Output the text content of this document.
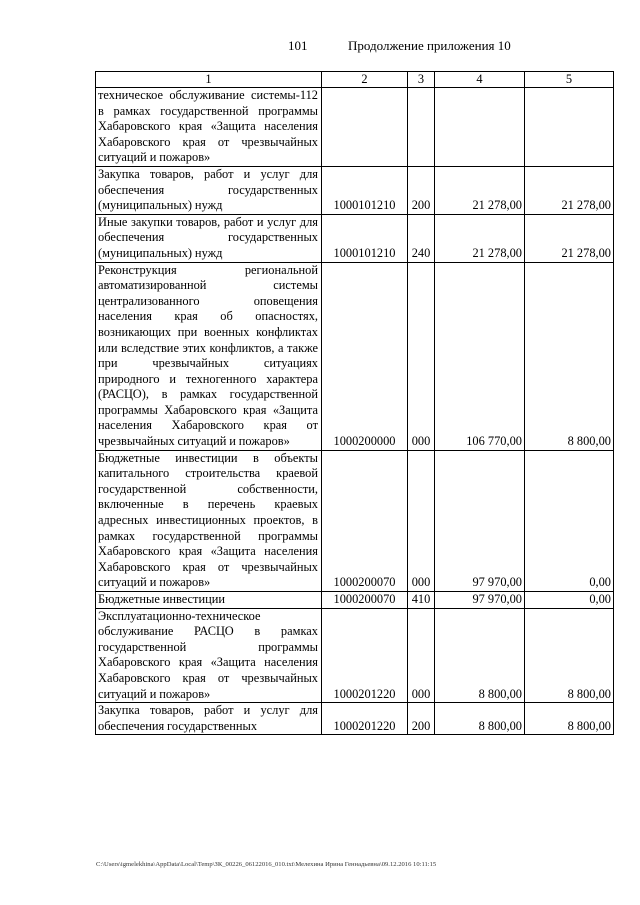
101	Продолжение приложения 10
1	2	3	4	5
техническое обслуживание системы-112 в рамках государственной программы Хабаровского края «Защита населения Хабаровского края от чрезвычайных ситуаций и пожаров»				
Закупка товаров, работ и услуг для обеспечения государственных (муниципальных) нужд	1000101210	200	21 278,00	21 278,00
Иные закупки товаров, работ и услуг для обеспечения государственных (муниципальных) нужд	1000101210	240	21 278,00	21 278,00
Реконструкция региональной автоматизированной системы централизованного оповещения населения края об опасностях, возникающих при военных конфликтах или вследствие этих конфликтов, а также при чрезвычайных ситуациях природного и техногенного характера (РАСЦО), в рамках государственной программы Хабаровского края «Защита населения Хабаровского края от чрезвычайных ситуаций и пожаров»	1000200000	000	106 770,00	8 800,00
Бюджетные инвестиции в объекты капитального строительства краевой государственной собственности, включенные в перечень краевых адресных инвестиционных проектов, в рамках государственной программы Хабаровского края «Защита населения Хабаровского края от чрезвычайных ситуаций и пожаров»	1000200070	000	97 970,00	0,00
Бюджетные инвестиции	1000200070	410	97 970,00	0,00
Эксплуатационно-техническое обслуживание РАСЦО в рамках государственной программы Хабаровского края «Защита населения Хабаровского края от чрезвычайных ситуаций и пожаров»	1000201220	000	8 800,00	8 800,00
Закупка товаров, работ и услуг для обеспечения государственных	1000201220	200	8 800,00	8 800,00
C:\Users\igmelekhina\AppData\Local\Temp\ЗК_00226_06122016_010.txt\Мелехина Ирина Геннадьевна\09.12.2016 10:11:15
